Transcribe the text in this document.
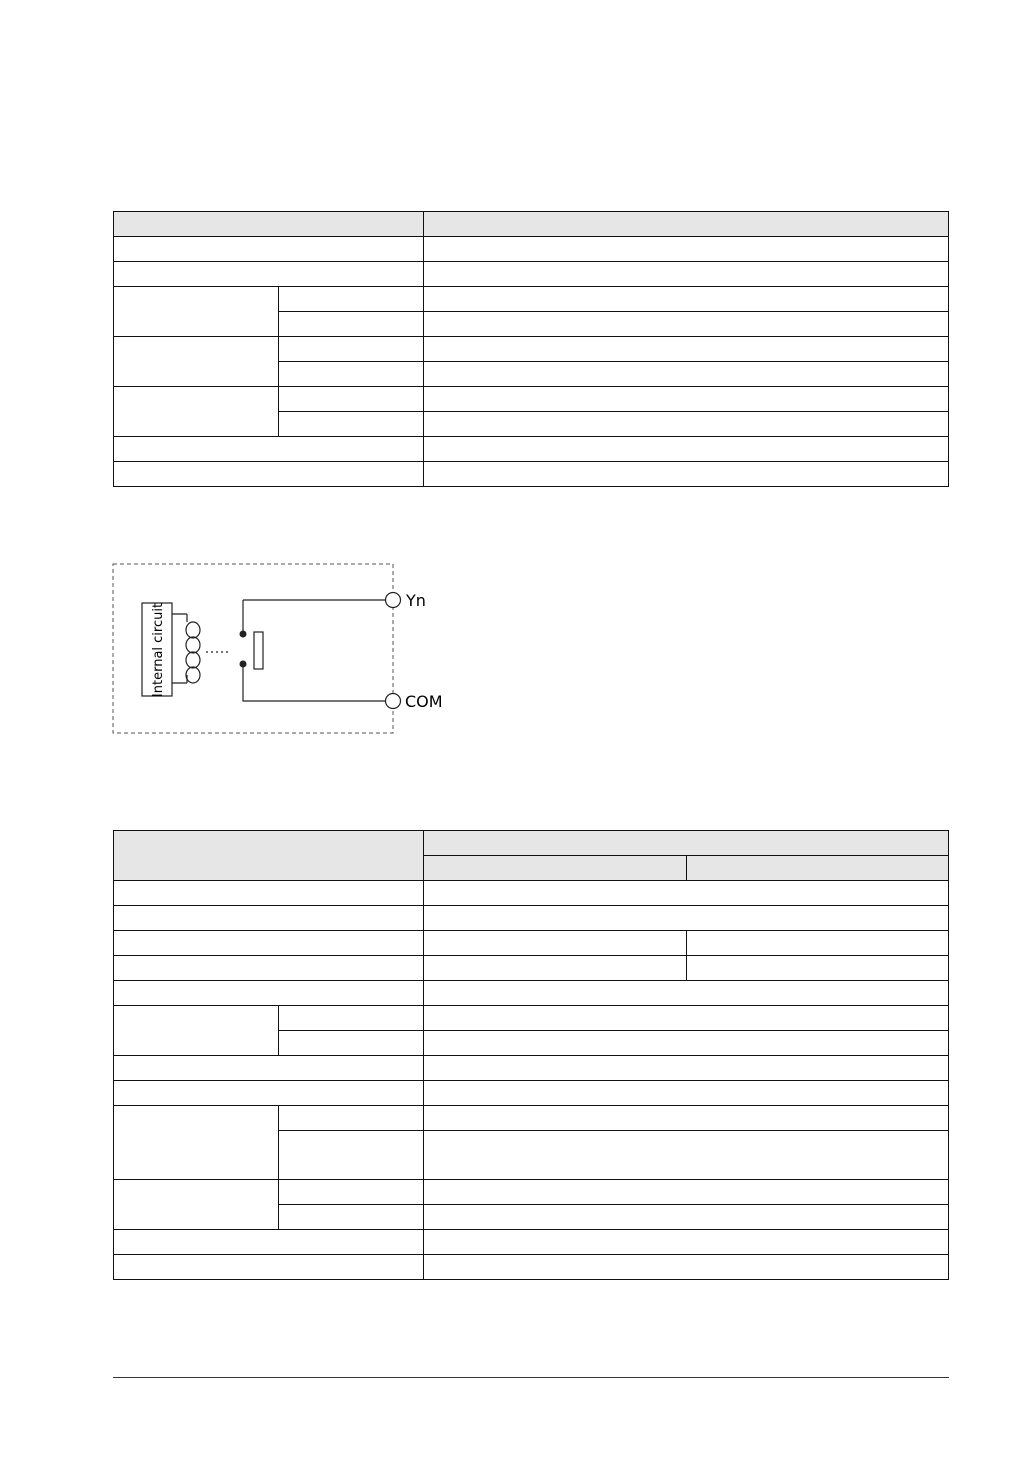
Internal circuit
Yn
COM
